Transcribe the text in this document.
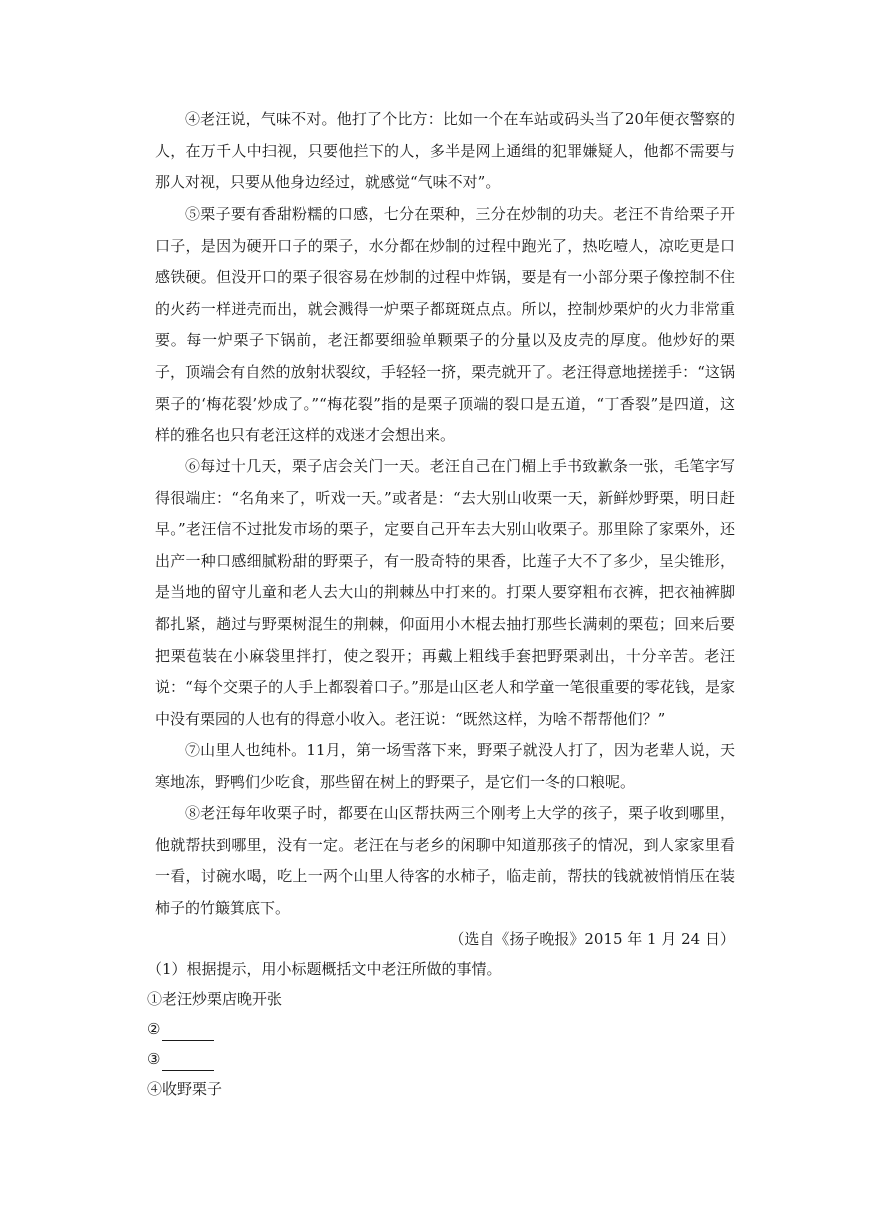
④老汪说，气味不对。他打了个比方：比如一个在车站或码头当了20年便衣警察的人，在万千人中扫视，只要他拦下的人，多半是网上通缉的犯罪嫌疑人，他都不需要与那人对视，只要从他身边经过，就感觉“气味不对”。

⑤栗子要有香甜粉糯的口感，七分在栗种，三分在炒制的功夫。老汪不肯给栗子开口子，是因为硬开口子的栗子，水分都在炒制的过程中跑光了，热吃噎人，凉吃更是口感铁硬。但没开口的栗子很容易在炒制的过程中炸锅，要是有一小部分栗子像控制不住的火药一样迸壳而出，就会溅得一炉栗子都斑斑点点。所以，控制炒栗炉的火力非常重要。每一炉栗子下锅前，老汪都要细验单颗栗子的分量以及皮壳的厚度。他炒好的栗子，顶端会有自然的放射状裂纹，手轻轻一挤，栗壳就开了。老汪得意地搓搓手：“这锅栗子的‘梅花裂’炒成了。”“梅花裂”指的是栗子顶端的裂口是五道，“丁香裂”是四道，这样的雅名也只有老汪这样的戏迷才会想出来。

⑥每过十几天，栗子店会关门一天。老汪自己在门楣上手书致歉条一张，毛笔字写得很端庄：“名角来了，听戏一天。”或者是：“去大别山收栗一天，新鲜炒野栗，明日赶早。”老汪信不过批发市场的栗子，定要自己开车去大别山收栗子。那里除了家栗外，还出产一种口感细腻粉甜的野栗子，有一股奇特的果香，比莲子大不了多少，呈尖锥形，是当地的留守儿童和老人去大山的荆棘丛中打来的。打栗人要穿粗布衣裤，把衣袖裤脚都扎紧，趟过与野栗树混生的荆棘，仰面用小木棍去抽打那些长满刺的栗苞；回来后要把栗苞装在小麻袋里拌打，使之裂开；再戴上粗线手套把野栗剥出，十分辛苦。老汪说：“每个交栗子的人手上都裂着口子。”那是山区老人和学童一笔很重要的零花钱，是家中没有栗园的人也有的得意小收入。老汪说：“既然这样，为啥不帮帮他们？”

⑦山里人也纯朴。11月，第一场雪落下来，野栗子就没人打了，因为老辈人说，天寒地冻，野鸭们少吃食，那些留在树上的野栗子，是它们一冬的口粮呢。

⑧老汪每年收栗子时，都要在山区帮扶两三个刚考上大学的孩子，栗子收到哪里，他就帮扶到哪里，没有一定。老汪在与老乡的闲聊中知道那孩子的情况，到人家家里看一看，讨碗水喝，吃上一两个山里人待客的水柿子，临走前，帮扶的钱就被悄悄压在装柿子的竹簸箕底下。

（选自《扬子晚报》2015 年 1 月 24 日）

（1）根据提示，用小标题概括文中老汪所做的事情。

①老汪炒栗店晚开张

②

③

④收野栗子
